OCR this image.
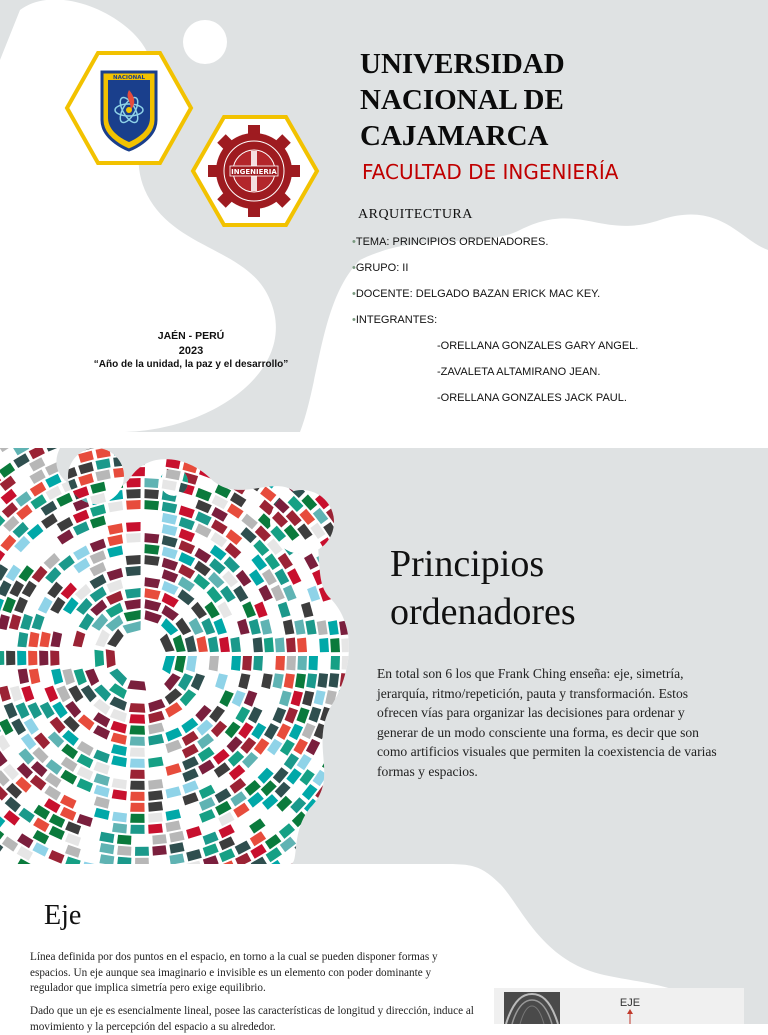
NACIONAL
INGENIERIA
UNIVERSIDAD
NACIONAL DE
CAJAMARCA
FACULTAD DE INGENIERÍA
ARQUITECTURA
•TEMA: PRINCIPIOS ORDENADORES.
•GRUPO: II
•DOCENTE: DELGADO BAZAN ERICK MAC KEY.
•INTEGRANTES:
-ORELLANA GONZALES GARY ANGEL.
-ZAVALETA ALTAMIRANO JEAN.
-ORELLANA GONZALES JACK PAUL.
JAÉN - PERÚ
2023
“Año de la unidad, la paz y el desarrollo”
Principios
ordenadores
En total son 6 los que Frank Ching enseña: eje, simetría, jerarquía, ritmo/repetición, pauta y transformación. Estos ofrecen vías para organizar las decisiones para ordenar y generar de un modo consciente una forma, es decir que son como artificios visuales que permiten la coexistencia de varias formas y espacios.
Eje
Línea definida por dos puntos en el espacio, en torno a la cual se pueden disponer formas y espacios. Un eje aunque sea imaginario e invisible es un elemento con poder dominante y regulador que implica simetría pero exige equilibrio.
Dado que un eje es esencialmente lineal, posee las características de longitud y dirección, induce al movimiento y la percepción del espacio a su alrededor.
EJE
